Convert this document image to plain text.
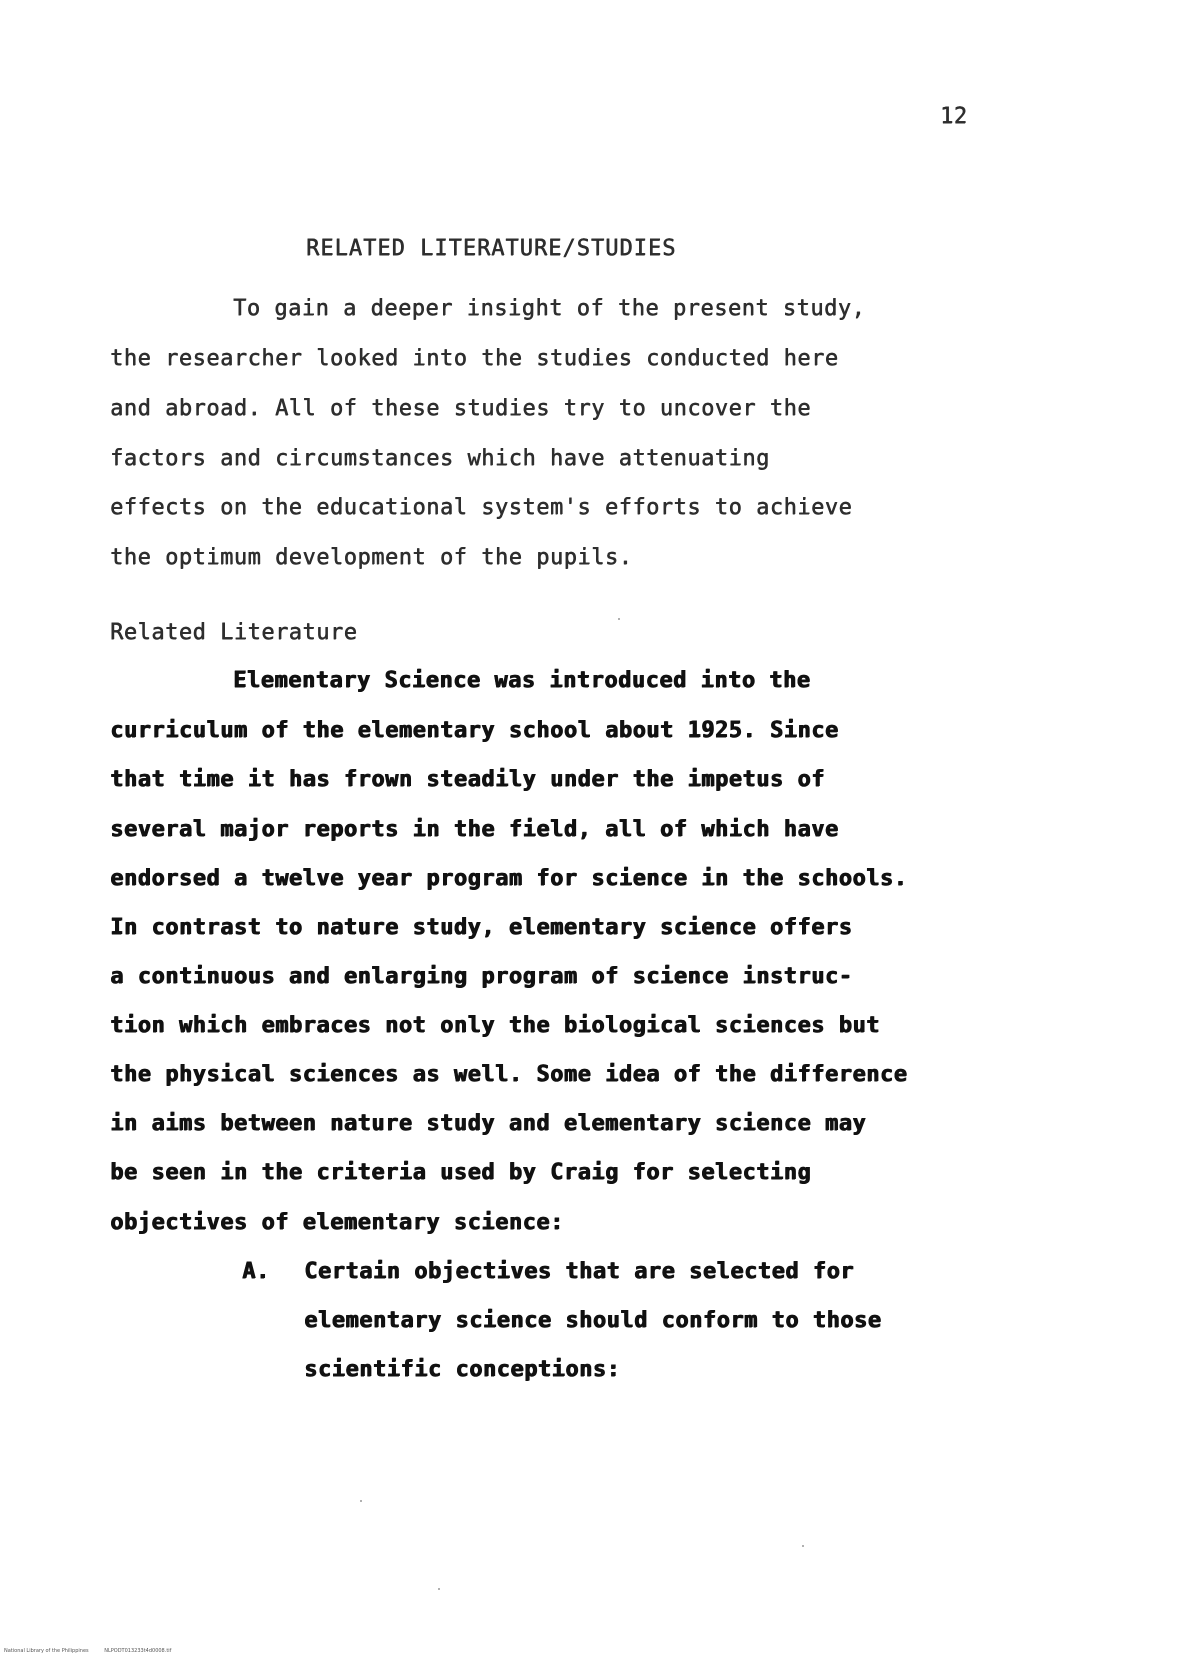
12
RELATED LITERATURE/STUDIES
To gain a deeper insight of the present study,
the researcher looked into the studies conducted here
and abroad. All of these studies try to uncover the
factors and circumstances which have attenuating
effects on the educational system's efforts to achieve
the optimum development of the pupils.
Related Literature
Elementary Science was introduced into the
curriculum of the elementary school about 1925. Since
that time it has frown steadily under the impetus of
several major reports in the field, all of which have
endorsed a twelve year program for science in the schools.
In contrast to nature study, elementary science offers
a continuous and enlarging program of science instruc-
tion which embraces not only the biological sciences but
the physical sciences as well. Some idea of the difference
in aims between nature study and elementary science may
be seen in the criteria used by Craig for selecting
objectives of elementary science:
A. Certain objectives that are selected for
elementary science should conform to those
scientific conceptions:
National Library of the Philippines	NLPODT013233t4d0008.tif
